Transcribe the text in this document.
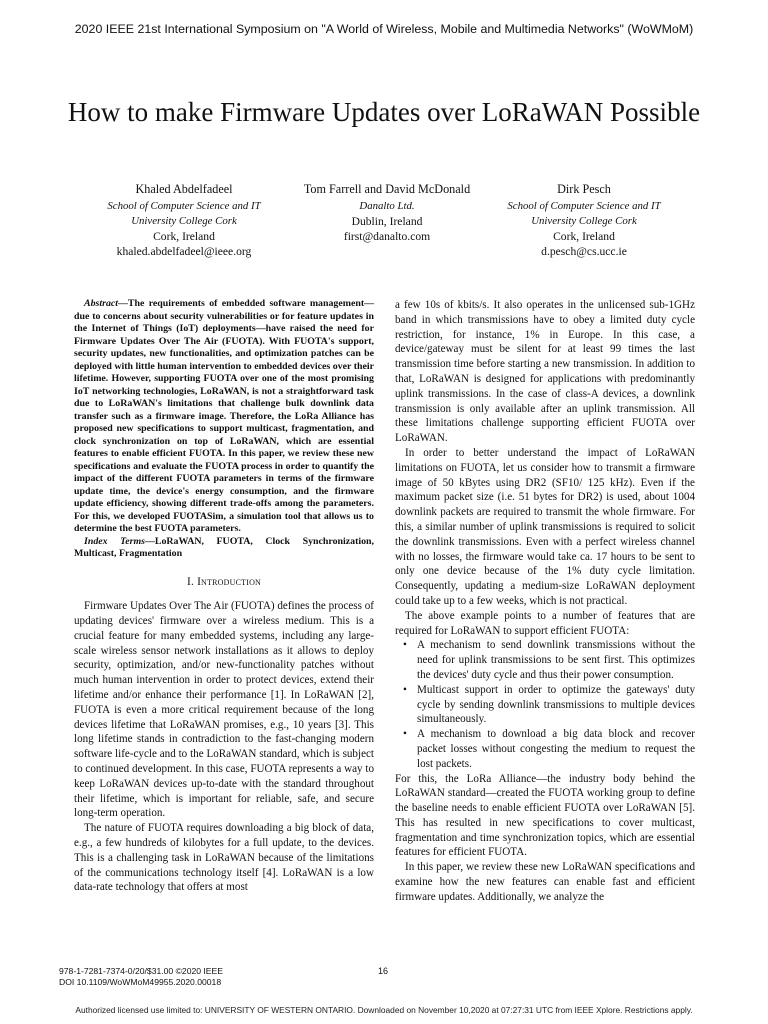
2020 IEEE 21st International Symposium on "A World of Wireless, Mobile and Multimedia Networks" (WoWMoM)
How to make Firmware Updates over LoRaWAN Possible
Khaled Abdelfadeel
School of Computer Science and IT
University College Cork
Cork, Ireland
khaled.abdelfadeel@ieee.org
Tom Farrell and David McDonald
Danalto Ltd.
Dublin, Ireland
first@danalto.com
Dirk Pesch
School of Computer Science and IT
University College Cork
Cork, Ireland
d.pesch@cs.ucc.ie
Abstract—The requirements of embedded software management—due to concerns about security vulnerabilities or for feature updates in the Internet of Things (IoT) deployments—have raised the need for Firmware Updates Over The Air (FUOTA). With FUOTA's support, security updates, new functionalities, and optimization patches can be deployed with little human intervention to embedded devices over their lifetime. However, supporting FUOTA over one of the most promising IoT networking technologies, LoRaWAN, is not a straightforward task due to LoRaWAN's limitations that challenge bulk downlink data transfer such as a firmware image. Therefore, the LoRa Alliance has proposed new specifications to support multicast, fragmentation, and clock synchronization on top of LoRaWAN, which are essential features to enable efficient FUOTA. In this paper, we review these new specifications and evaluate the FUOTA process in order to quantify the impact of the different FUOTA parameters in terms of the firmware update time, the device's energy consumption, and the firmware update efficiency, showing different trade-offs among the parameters. For this, we developed FUOTASim, a simulation tool that allows us to determine the best FUOTA parameters.
Index Terms—LoRaWAN, FUOTA, Clock Synchronization, Multicast, Fragmentation
I. Introduction

Firmware Updates Over The Air (FUOTA) defines the process of updating devices' firmware over a wireless medium. This is a crucial feature for many embedded systems, including any large-scale wireless sensor network installations as it allows to deploy security, optimization, and/or new-functionality patches without much human intervention in order to protect devices, extend their lifetime and/or enhance their performance [1]. In LoRaWAN [2], FUOTA is even a more critical requirement because of the long devices lifetime that LoRaWAN promises, e.g., 10 years [3]. This long lifetime stands in contradiction to the fast-changing modern software life-cycle and to the LoRaWAN standard, which is subject to continued development. In this case, FUOTA represents a way to keep LoRaWAN devices up-to-date with the standard throughout their lifetime, which is important for reliable, safe, and secure long-term operation.

The nature of FUOTA requires downloading a big block of data, e.g., a few hundreds of kilobytes for a full update, to the devices. This is a challenging task in LoRaWAN because of the limitations of the communications technology itself [4]. LoRaWAN is a low data-rate technology that offers at most

a few 10s of kbits/s. It also operates in the unlicensed sub-1GHz band in which transmissions have to obey a limited duty cycle restriction, for instance, 1% in Europe. In this case, a device/gateway must be silent for at least 99 times the last transmission time before starting a new transmission. In addition to that, LoRaWAN is designed for applications with predominantly uplink transmissions. In the case of class-A devices, a downlink transmission is only available after an uplink transmission. All these limitations challenge supporting efficient FUOTA over LoRaWAN.

In order to better understand the impact of LoRaWAN limitations on FUOTA, let us consider how to transmit a firmware image of 50 kBytes using DR2 (SF10/ 125 kHz). Even if the maximum packet size (i.e. 51 bytes for DR2) is used, about 1004 downlink packets are required to transmit the whole firmware. For this, a similar number of uplink transmissions is required to solicit the downlink transmissions. Even with a perfect wireless channel with no losses, the firmware would take ca. 17 hours to be sent to only one device because of the 1% duty cycle limitation. Consequently, updating a medium-size LoRaWAN deployment could take up to a few weeks, which is not practical.

The above example points to a number of features that are required for LoRaWAN to support efficient FUOTA:

• A mechanism to send downlink transmissions without the need for uplink transmissions to be sent first. This optimizes the devices' duty cycle and thus their power consumption.
• Multicast support in order to optimize the gateways' duty cycle by sending downlink transmissions to multiple devices simultaneously.
• A mechanism to download a big data block and recover packet losses without congesting the medium to request the lost packets.

For this, the LoRa Alliance—the industry body behind the LoRaWAN standard—created the FUOTA working group to define the baseline needs to enable efficient FUOTA over LoRaWAN [5]. This has resulted in new specifications to cover multicast, fragmentation and time synchronization topics, which are essential features for efficient FUOTA.

In this paper, we review these new LoRaWAN specifications and examine how the new features can enable fast and efficient firmware updates. Additionally, we analyze the

978-1-7281-7374-0/20/$31.00 ©2020 IEEE
DOI 10.1109/WoWMoM49955.2020.00018
16
Authorized licensed use limited to: UNIVERSITY OF WESTERN ONTARIO. Downloaded on November 10,2020 at 07:27:31 UTC from IEEE Xplore. Restrictions apply.
